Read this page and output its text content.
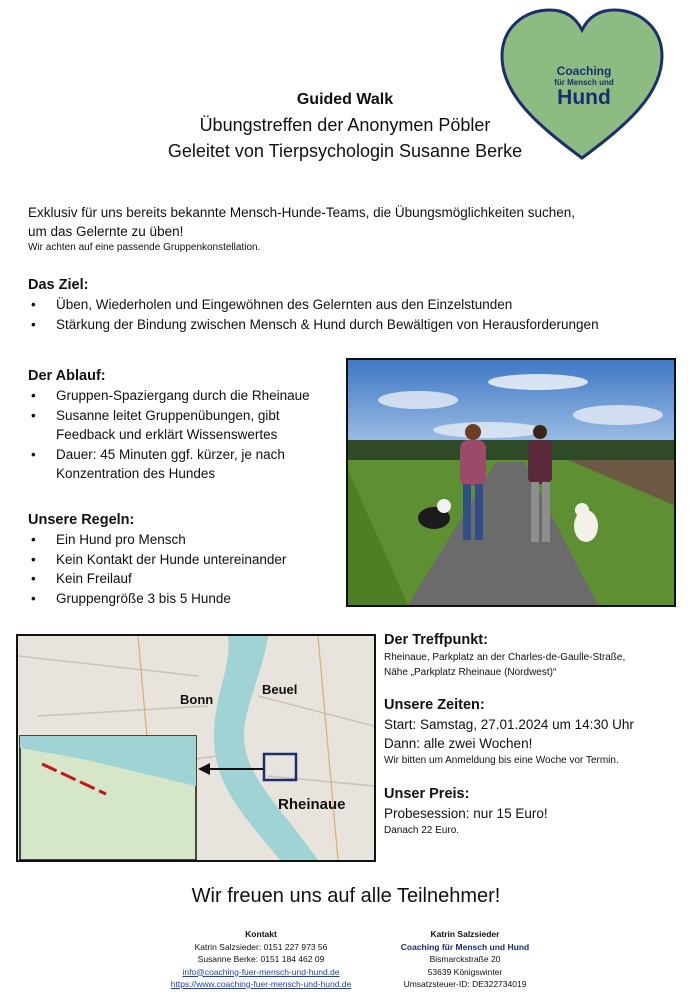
Coaching
für Mensch und
Hund
Guided Walk
Übungstreffen der Anonymen Pöbler
Geleitet von Tierpsychologin Susanne Berke
Exklusiv für uns bereits bekannte Mensch-Hunde-Teams, die Übungsmöglichkeiten suchen,
um das Gelernte zu üben!
Wir achten auf eine passende Gruppenkonstellation.
Das Ziel:
• Üben, Wiederholen und Eingewöhnen des Gelernten aus den Einzelstunden
• Stärkung der Bindung zwischen Mensch & Hund durch Bewältigen von Herausforderungen
Der Ablauf:
• Gruppen-Spaziergang durch die Rheinaue
• Susanne leitet Gruppenübungen, gibt Feedback und erklärt Wissenswertes
• Dauer: 45 Minuten ggf. kürzer, je nach Konzentration des Hundes
Unsere Regeln:
• Ein Hund pro Mensch
• Kein Kontakt der Hunde untereinander
• Kein Freilauf
• Gruppengröße 3 bis 5 Hunde
Bonn
Beuel
Rheinaue
Der Treffpunkt:
Rheinaue, Parkplatz an der Charles-de-Gaulle-Straße,
Nähe „Parkplatz Rheinaue (Nordwest)“
Unsere Zeiten:
Start: Samstag, 27.01.2024 um 14:30 Uhr
Dann: alle zwei Wochen!
Wir bitten um Anmeldung bis eine Woche vor Termin.
Unser Preis:
Probesession: nur 15 Euro!
Danach 22 Euro.
Wir freuen uns auf alle Teilnehmer!
Kontakt
Katrin Salzsieder: 0151 227 973 56
Susanne Berke: 0151 184 462 09
info@coaching-fuer-mensch-und-hund.de
https://www.coaching-fuer-mensch-und-hund.de
Katrin Salzsieder
Coaching für Mensch und Hund
Bismarckstraße 20
53639 Königswinter
Umsatzsteuer-ID: DE322734019
